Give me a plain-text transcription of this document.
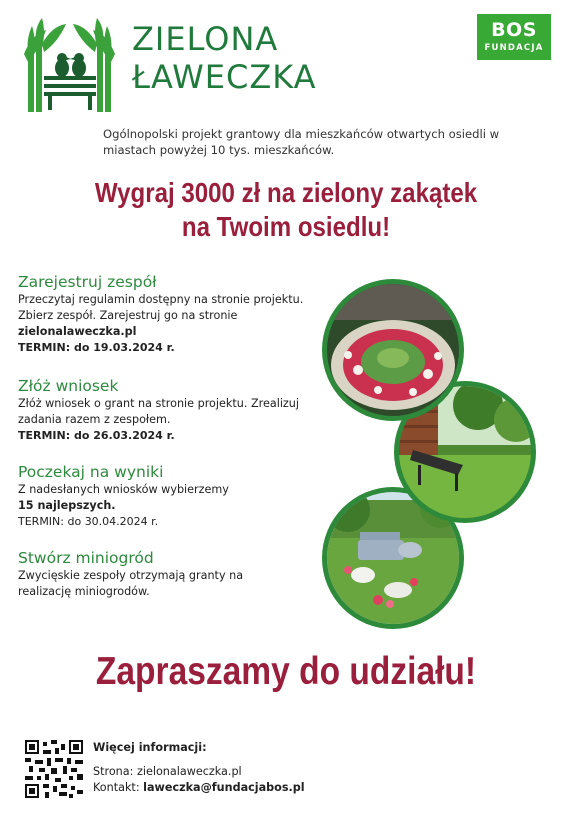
ZIELONA
ŁAWECZKA
BOS
FUNDACJA

Ogólnopolski projekt grantowy dla mieszkańców otwartych osiedli w miastach powyżej 10 tys. mieszkańców.

Wygraj 3000 zł na zielony zakątek
na Twoim osiedlu!
Zarejestruj zespół
Przeczytaj regulamin dostępny na stronie projektu. Zbierz zespół. Zarejestruj go na stronie zielonalaweczka.pl
TERMIN: do 19.03.2024 r.
Złóż wniosek
Złóż wniosek o grant na stronie projektu. Zrealizuj zadania razem z zespołem.
TERMIN: do 26.03.2024 r.
Poczekaj na wyniki
Z nadesłanych wniosków wybierzemy
15 najlepszych.
TERMIN: do 30.04.2024 r.
Stwórz miniogród
Zwycięskie zespoły otrzymają granty na realizację miniogrodów.
Zapraszamy do udziału!
Więcej informacji:
Strona: zielonalaweczka.pl
Kontakt: laweczka@fundacjabos.pl
